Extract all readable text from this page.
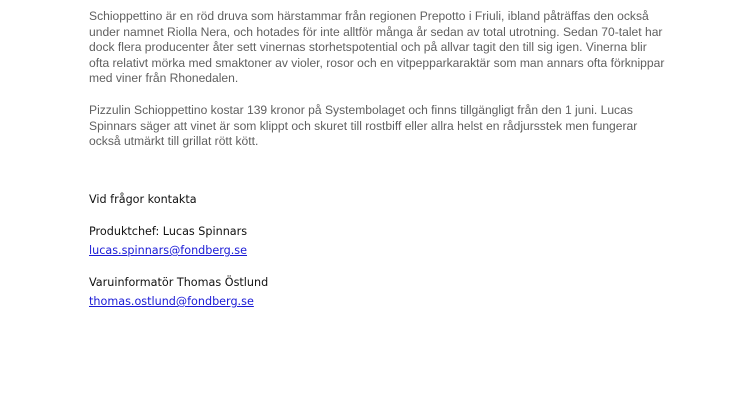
Schioppettino är en röd druva som härstammar från regionen Prepotto i Friuli, ibland påträffas den också under namnet Riolla Nera, och hotades för inte alltför många år sedan av total utrotning. Sedan 70-talet har dock flera producenter åter sett vinernas storhetspotential och på allvar tagit den till sig igen. Vinerna blir ofta relativt mörka med smaktoner av violer, rosor och en vitpepparkaraktär som man annars ofta förknippar med viner från Rhonedalen.

Pizzulin Schioppettino kostar 139 kronor på Systembolaget och finns tillgängligt från den 1 juni. Lucas Spinnars säger att vinet är som klippt och skuret till rostbiff eller allra helst en rådjursstek men fungerar också utmärkt till grillat rött kött.

Vid frågor kontakta

Produktchef: Lucas Spinnars

lucas.spinnars@fondberg.se

Varuinformatör Thomas Östlund

thomas.ostlund@fondberg.se
